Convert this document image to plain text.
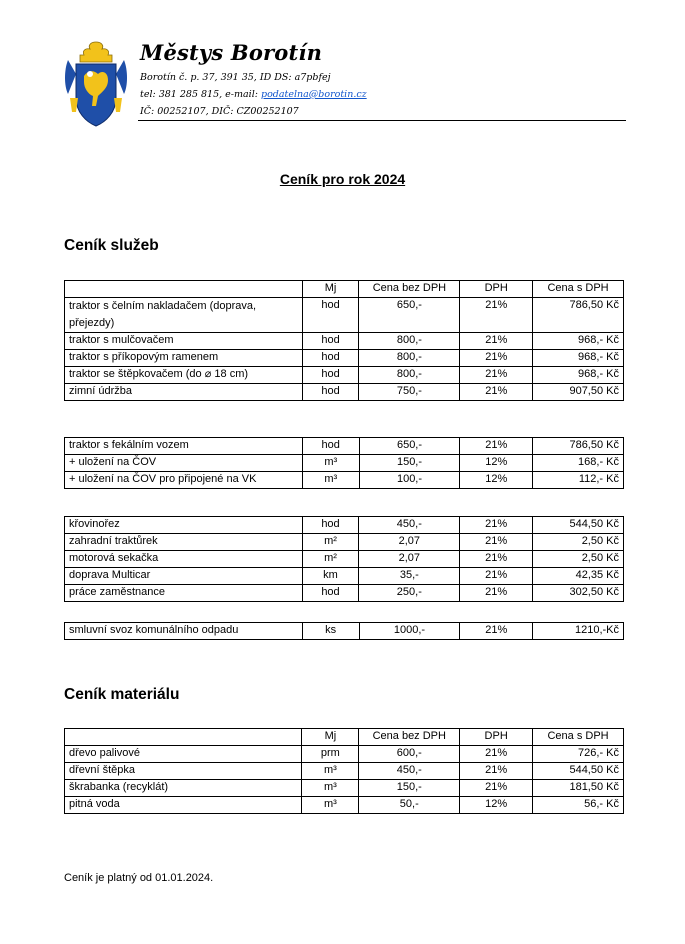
Městys Borotín
Borotín č. p. 37, 391 35, ID DS: a7pbfej
tel: 381 285 815, e-mail: podatelna@borotin.cz
IČ: 00252107, DIČ: CZ00252107
Ceník pro rok 2024
Ceník služeb
	Mj	Cena bez DPH	DPH	Cena s DPH
traktor s čelním nakladačem (doprava, přejezdy)	hod	650,-	21%	786,50 Kč
traktor s mulčovačem	hod	800,-	21%	968,- Kč
traktor s příkopovým ramenem	hod	800,-	21%	968,- Kč
traktor se štěpkovačem (do ⌀ 18 cm)	hod	800,-	21%	968,- Kč
zimní údržba	hod	750,-	21%	907,50 Kč
traktor s fekálním vozem	hod	650,-	21%	786,50 Kč
+ uložení na ČOV	m³	150,-	12%	168,- Kč
+ uložení na ČOV pro připojené na VK	m³	100,-	12%	112,- Kč
křovinořez	hod	450,-	21%	544,50 Kč
zahradní traktůrek	m²	2,07	21%	2,50 Kč
motorová sekačka	m²	2,07	21%	2,50 Kč
doprava Multicar	km	35,-	21%	42,35 Kč
práce zaměstnance	hod	250,-	21%	302,50 Kč
smluvní svoz komunálního odpadu	ks	1000,-	21%	1210,-Kč
Ceník materiálu
	Mj	Cena bez DPH	DPH	Cena s DPH
dřevo palivové	prm	600,-	21%	726,- Kč
dřevní štěpka	m³	450,-	21%	544,50 Kč
škrabanka (recyklát)	m³	150,-	21%	181,50 Kč
pitná voda	m³	50,-	12%	56,- Kč
Ceník je platný od 01.01.2024.
